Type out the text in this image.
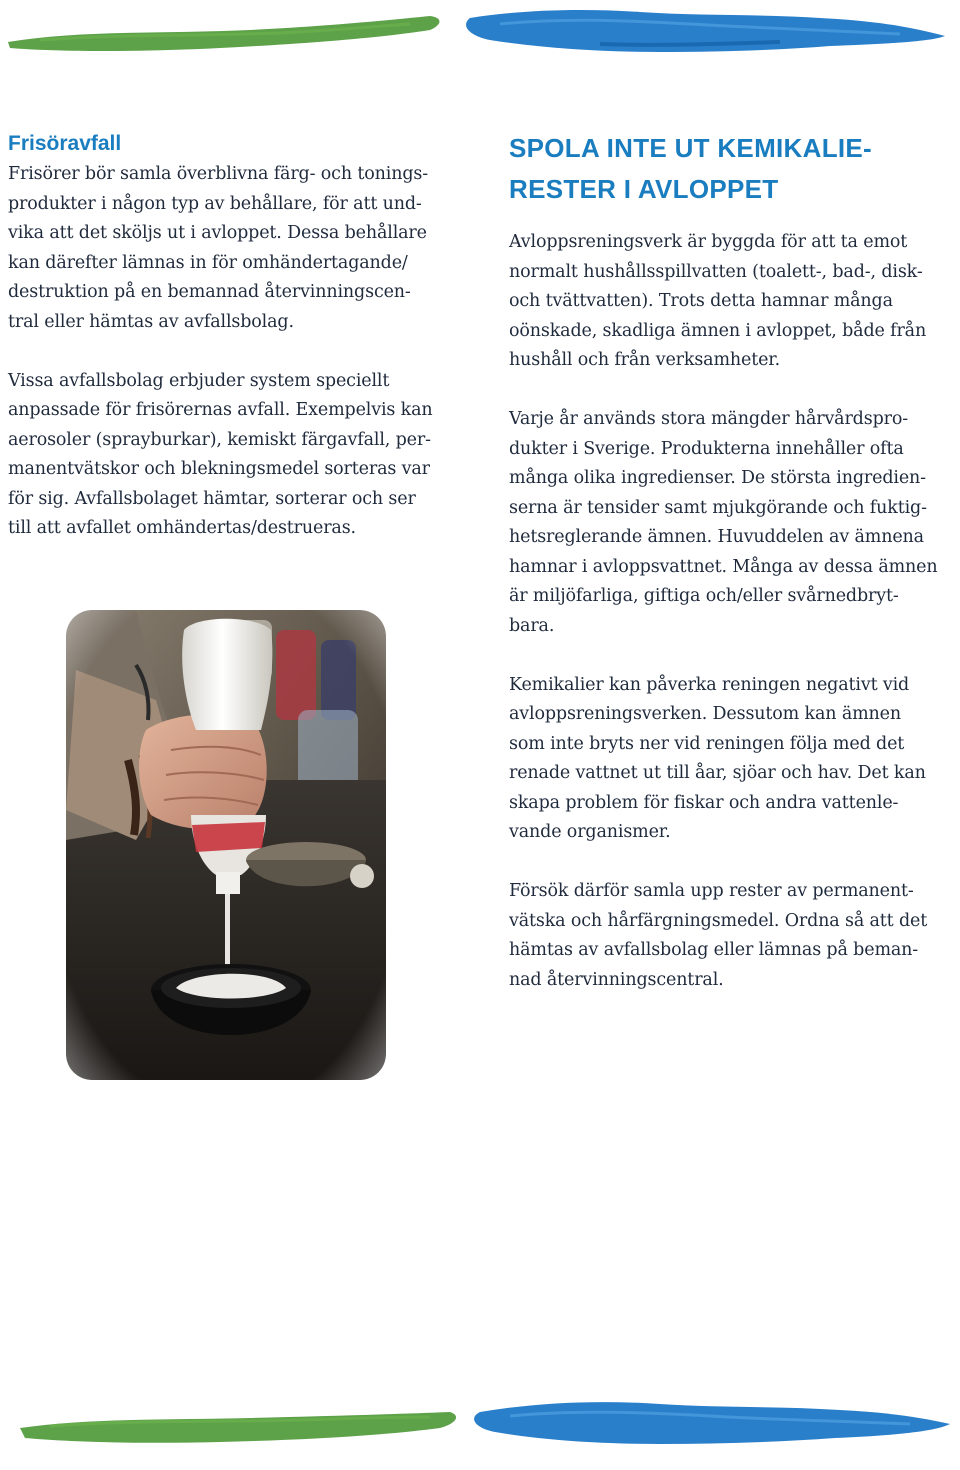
Frisöravfall

Frisörer bör samla överblivna färg- och tonings-
produkter i någon typ av behållare, för att und-
vika att det sköljs ut i avloppet. Dessa behållare
kan därefter lämnas in för omhändertagande/
destruktion på en bemannad återvinningscen-
tral eller hämtas av avfallsbolag.

Vissa avfallsbolag erbjuder system speciellt
anpassade för frisörernas avfall. Exempelvis kan
aerosoler (sprayburkar), kemiskt färgavfall, per-
manentvätskor och blekningsmedel sorteras var
för sig. Avfallsbolaget hämtar, sorterar och ser
till att avfallet omhändertas/destrueras.

SPOLA INTE UT KEMIKALIE-
RESTER I AVLOPPET

Avloppsreningsverk är byggda för att ta emot
normalt hushållsspillvatten (toalett-, bad-, disk-
och tvättvatten). Trots detta hamnar många
oönskade, skadliga ämnen i avloppet, både från
hushåll och från verksamheter.

Varje år används stora mängder hårvårdspro-
dukter i Sverige. Produkterna innehåller ofta
många olika ingredienser. De största ingredien-
serna är tensider samt mjukgörande och fuktig-
hetsreglerande ämnen. Huvuddelen av ämnena
hamnar i avloppsvattnet. Många av dessa ämnen
är miljöfarliga, giftiga och/eller svårnedbryt-
bara.

Kemikalier kan påverka reningen negativt vid
avloppsreningsverken. Dessutom kan ämnen
som inte bryts ner vid reningen följa med det
renade vattnet ut till åar, sjöar och hav. Det kan
skapa problem för fiskar och andra vattenle-
vande organismer.

Försök därför samla upp rester av permanent-
vätska och hårfärgningsmedel. Ordna så att det
hämtas av avfallsbolag eller lämnas på beman-
nad återvinningscentral.
